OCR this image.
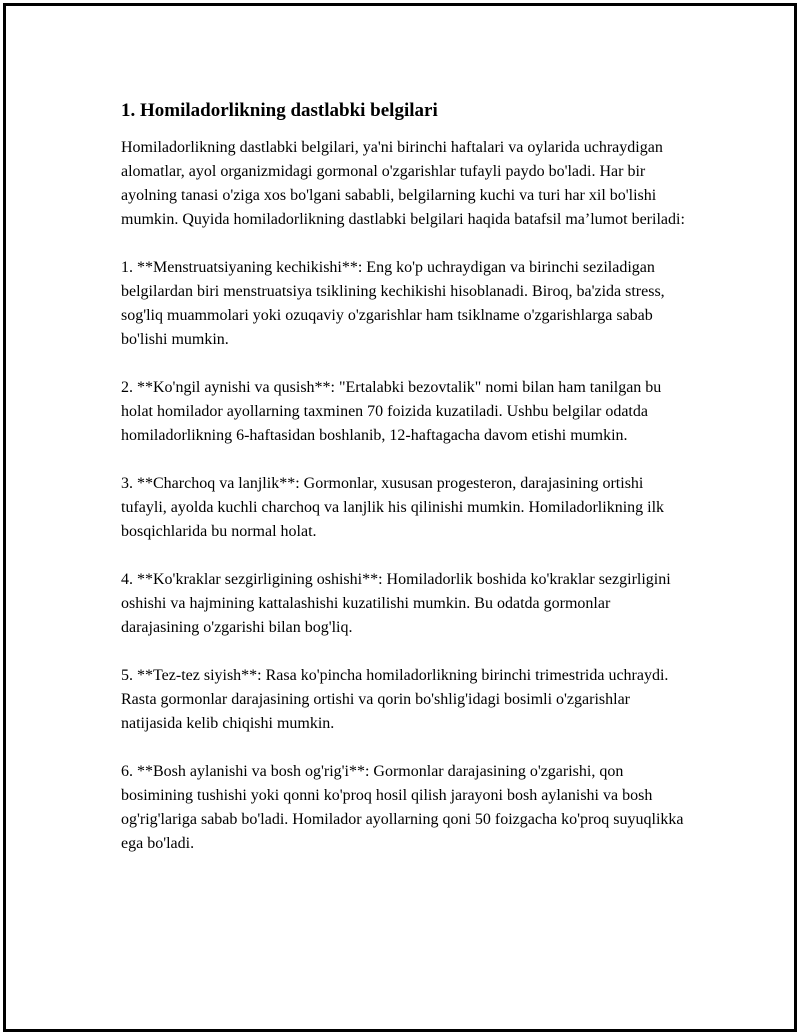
1. Homiladorlikning dastlabki belgilari

Homiladorlikning dastlabki belgilari, ya'ni birinchi haftalari va oylarida uchraydigan alomatlar, ayol organizmidagi gormonal o'zgarishlar tufayli paydo bo'ladi. Har bir ayolning tanasi o'ziga xos bo'lgani sababli, belgilarning kuchi va turi har xil bo'lishi mumkin. Quyida homiladorlikning dastlabki belgilari haqida batafsil ma’lumot beriladi:

1. **Menstruatsiyaning kechikishi**: Eng ko'p uchraydigan va birinchi seziladigan belgilardan biri menstruatsiya tsiklining kechikishi hisoblanadi. Biroq, ba'zida stress, sog'liq muammolari yoki ozuqaviy o'zgarishlar ham tsiklname o'zgarishlarga sabab bo'lishi mumkin.

2. **Ko'ngil aynishi va qusish**: "Ertalabki bezovtalik" nomi bilan ham tanilgan bu holat homilador ayollarning taxminen 70 foizida kuzatiladi. Ushbu belgilar odatda homiladorlikning 6-haftasidan boshlanib, 12-haftagacha davom etishi mumkin.

3. **Charchoq va lanjlik**: Gormonlar, xususan progesteron, darajasining ortishi tufayli, ayolda kuchli charchoq va lanjlik his qilinishi mumkin. Homiladorlikning ilk bosqichlarida bu normal holat.

4. **Ko'kraklar sezgirligining oshishi**: Homiladorlik boshida ko'kraklar sezgirligini oshishi va hajmining kattalashishi kuzatilishi mumkin. Bu odatda gormonlar darajasining o'zgarishi bilan bog'liq.

5. **Tez-tez siyish**: Rasa ko'pincha homiladorlikning birinchi trimestrida uchraydi. Rasta gormonlar darajasining ortishi va qorin bo'shlig'idagi bosimli o'zgarishlar natijasida kelib chiqishi mumkin.

6. **Bosh aylanishi va bosh og'rig'i**: Gormonlar darajasining o'zgarishi, qon bosimining tushishi yoki qonni ko'proq hosil qilish jarayoni bosh aylanishi va bosh og'rig'lariga sabab bo'ladi. Homilador ayollarning qoni 50 foizgacha ko'proq suyuqlikka ega bo'ladi.
